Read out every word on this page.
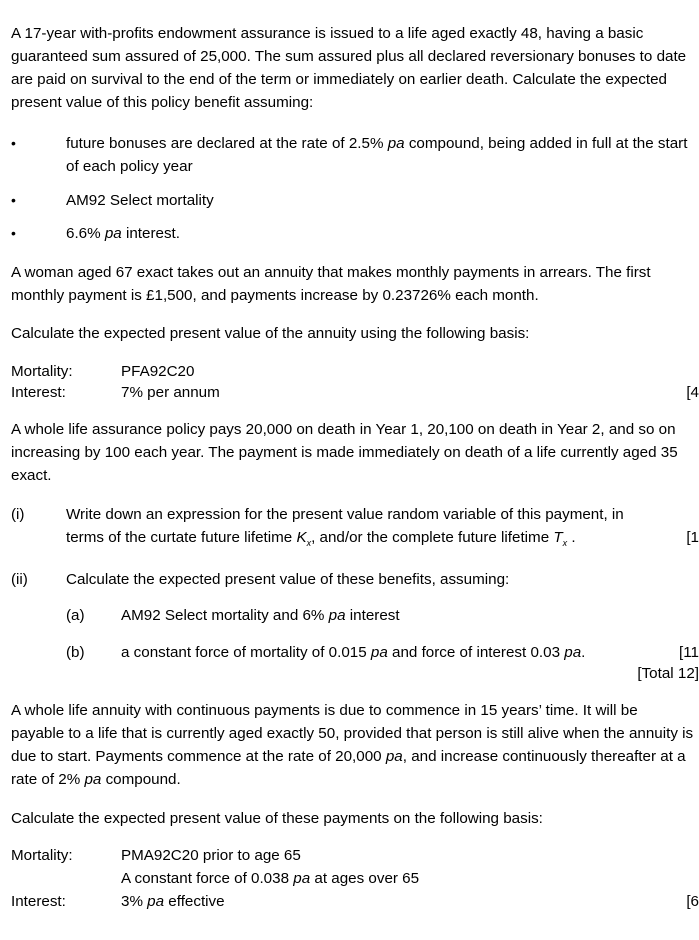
A 17-year with-profits endowment assurance is issued to a life aged exactly 48, having a basic guaranteed sum assured of 25,000. The sum assured plus all declared reversionary bonuses to date are paid on survival to the end of the term or immediately on earlier death. Calculate the expected present value of this policy benefit assuming:

•	future bonuses are declared at the rate of 2.5% pa compound, being added in full at the start of each policy year

•	AM92 Select mortality

•	6.6% pa interest.

A woman aged 67 exact takes out an annuity that makes monthly payments in arrears. The first monthly payment is £1,500, and payments increase by 0.23726% each month.

Calculate the expected present value of the annuity using the following basis:

Mortality:	PFA92C20
Interest:	7% per annum	[4

A whole life assurance policy pays 20,000 on death in Year 1, 20,100 on death in Year 2, and so on increasing by 100 each year. The payment is made immediately on death of a life currently aged 35 exact.

(i)	Write down an expression for the present value random variable of this payment, in terms of the curtate future lifetime $K_x$, and/or the complete future lifetime $T_x$ .	[1
(ii)	Calculate the expected present value of these benefits, assuming:

(a) AM92 Select mortality and 6% pa interest

(b) a constant force of mortality of 0.015 pa and force of interest 0.03 pa.	[11
[Total 12]

A whole life annuity with continuous payments is due to commence in 15 years’ time. It will be payable to a life that is currently aged exactly 50, provided that person is still alive when the annuity is due to start. Payments commence at the rate of 20,000 pa, and increase continuously thereafter at a rate of 2% pa compound.

Calculate the expected present value of these payments on the following basis:

Mortality:	PMA92C20 prior to age 65
A constant force of 0.038 pa at ages over 65
Interest:	3% pa effective	[6
